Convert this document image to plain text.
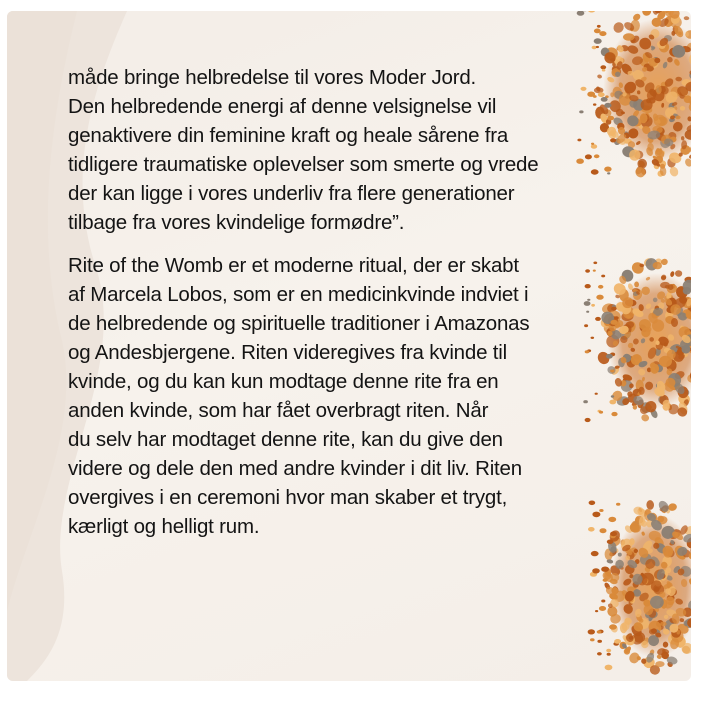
måde bringe helbredelse til vores Moder Jord.
Den helbredende energi af denne velsignelse vil
genaktivere din feminine kraft og heale sårene fra
tidligere traumatiske oplevelser som smerte og vrede
der kan ligge i vores underliv fra flere generationer
tilbage fra vores kvindelige formødre”.

Rite of the Womb er et moderne ritual, der er skabt
af Marcela Lobos, som er en medicinkvinde indviet i
de helbredende og spirituelle traditioner i Amazonas
og Andesbjergene. Riten videregives fra kvinde til
kvinde, og du kan kun modtage denne rite fra en
anden kvinde, som har fået overbragt riten. Når
du selv har modtaget denne rite, kan du give den
videre og dele den med andre kvinder i dit liv. Riten
overgives i en ceremoni hvor man skaber et trygt,
kærligt og helligt rum.
